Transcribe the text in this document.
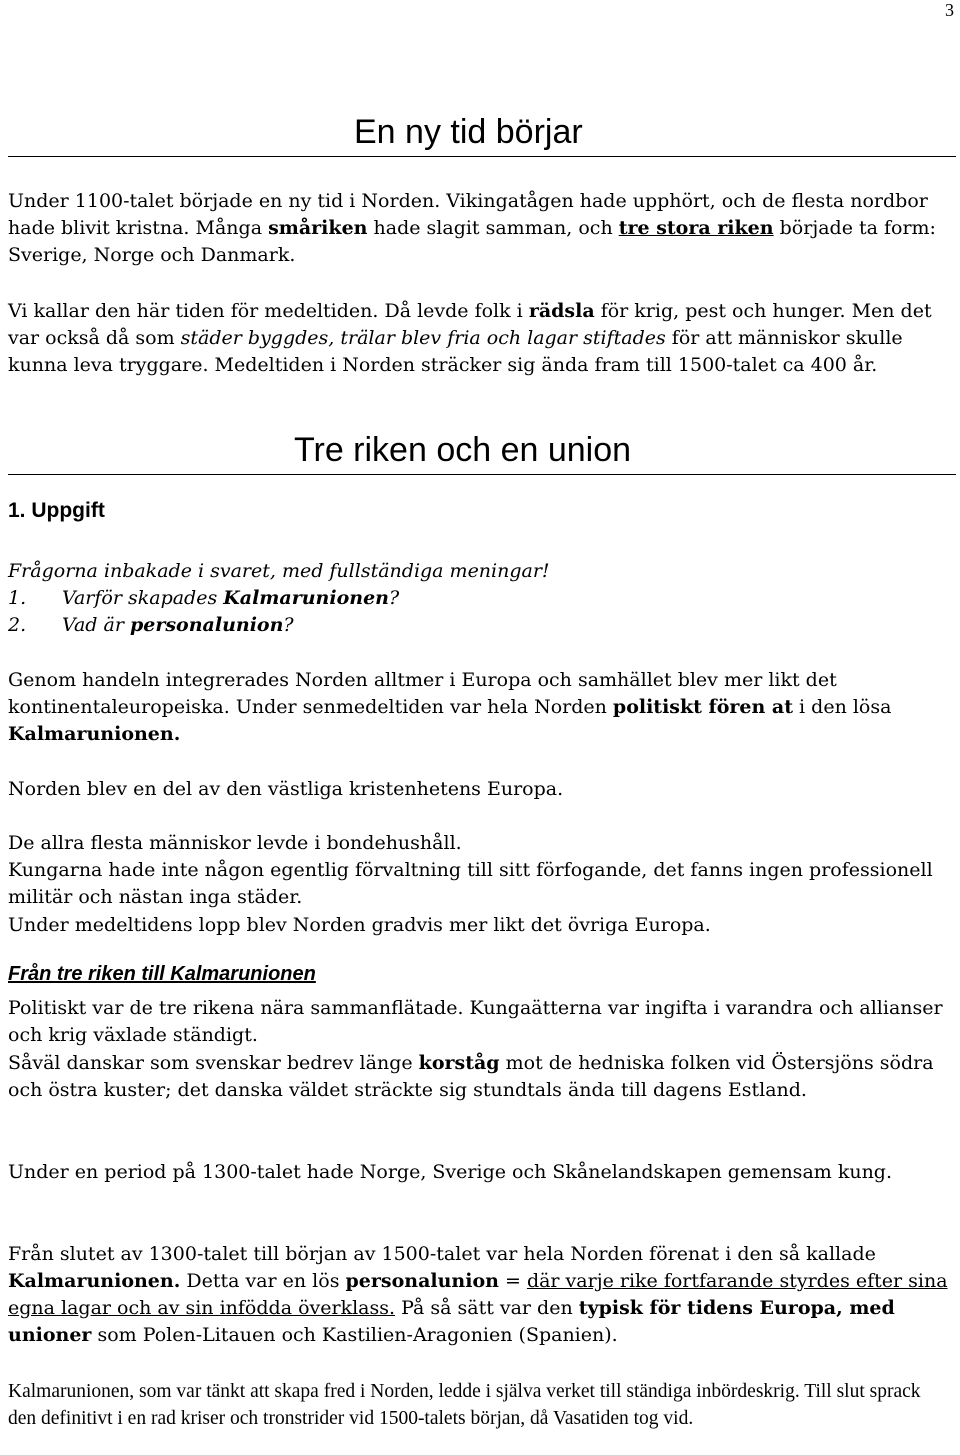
3
En ny tid börjar

Under 1100-talet började en ny tid i Norden. Vikingatågen hade upphört, och de flesta nordbor hade blivit kristna. Många småriken hade slagit samman, och tre stora riken började ta form: Sverige, Norge och Danmark.

Vi kallar den här tiden för medeltiden. Då levde folk i rädsla för krig, pest och hunger. Men det var också då som städer byggdes, trälar blev fria och lagar stiftades för att människor skulle kunna leva tryggare. Medeltiden i Norden sträcker sig ända fram till 1500-talet ca 400 år.

Tre riken och en union
1. Uppgift
Frågorna inbakade i svaret, med fullständiga meningar!
1. Varför skapades Kalmarunionen?
2. Vad är personalunion?

Genom handeln integrerades Norden alltmer i Europa och samhället blev mer likt det kontinentaleuropeiska. Under senmedeltiden var hela Norden politiskt fören at i den lösa Kalmarunionen.

Norden blev en del av den västliga kristenhetens Europa.

De allra flesta människor levde i bondehushåll.

Kungarna hade inte någon egentlig förvaltning till sitt förfogande, det fanns ingen professionell militär och nästan inga städer.

Under medeltidens lopp blev Norden gradvis mer likt det övriga Europa.

Från tre riken till Kalmarunionen

Politiskt var de tre rikena nära sammanflätade. Kungaätterna var ingifta i varandra och allianser och krig växlade ständigt.

Såväl danskar som svenskar bedrev länge korståg mot de hedniska folken vid Östersjöns södra och östra kuster; det danska väldet sträckte sig stundtals ända till dagens Estland.

Under en period på 1300-talet hade Norge, Sverige och Skånelandskapen gemensam kung.

Från slutet av 1300-talet till början av 1500-talet var hela Norden förenat i den så kallade Kalmarunionen. Detta var en lös personalunion = där varje rike fortfarande styrdes efter sina egna lagar och av sin infödda överklass. På så sätt var den typisk för tidens Europa, med unioner som Polen-Litauen och Kastilien-Aragonien (Spanien).

Kalmarunionen, som var tänkt att skapa fred i Norden, ledde i själva verket till ständiga inbördeskrig. Till slut sprack den definitivt i en rad kriser och tronstrider vid 1500-talets början, då Vasatiden tog vid.
